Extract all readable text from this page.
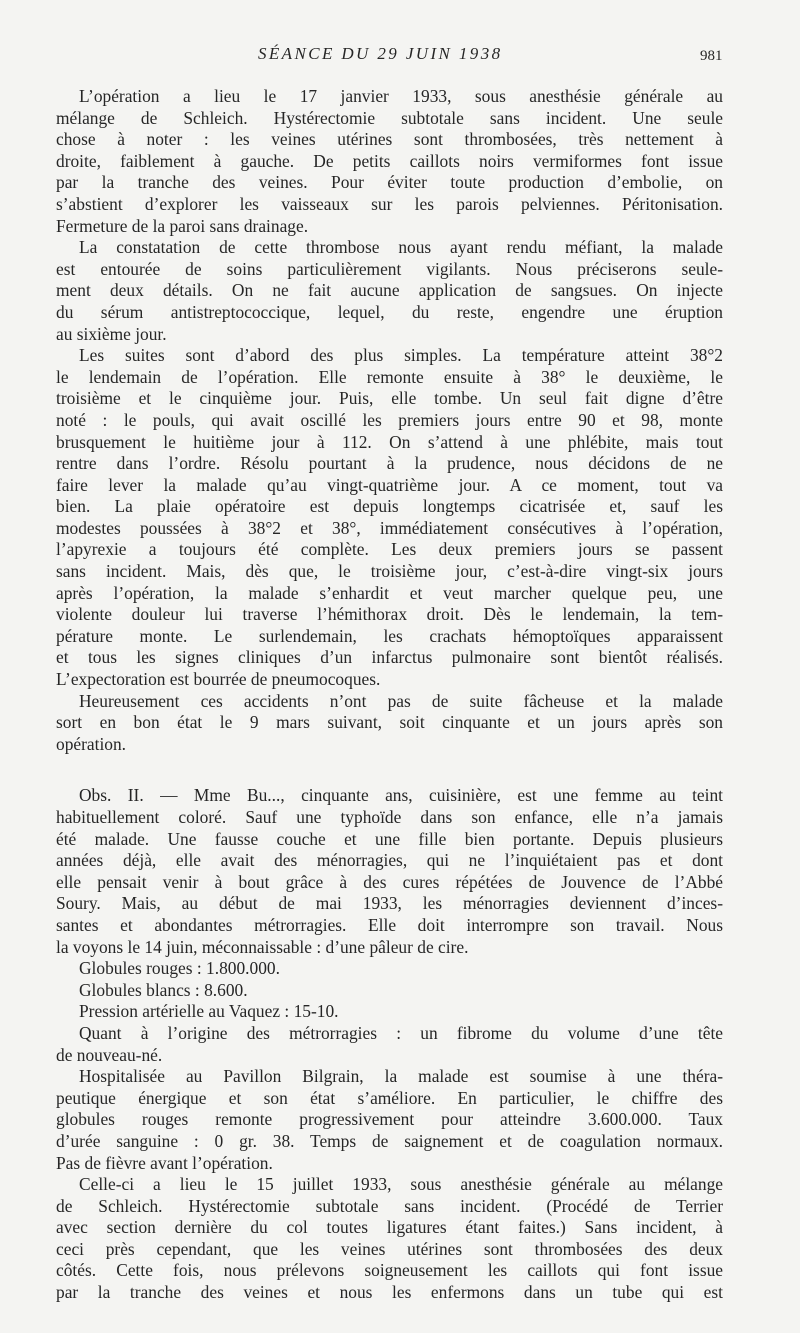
SÉANCE DU 29 JUIN 1938	981
L’opération a lieu le 17 janvier 1933, sous anesthésie générale au
mélange de Schleich. Hystérectomie subtotale sans incident. Une seule
chose à noter : les veines utérines sont thrombosées, très nettement à
droite, faiblement à gauche. De petits caillots noirs vermiformes font issue
par la tranche des veines. Pour éviter toute production d’embolie, on
s’abstient d’explorer les vaisseaux sur les parois pelviennes. Péritonisation.
Fermeture de la paroi sans drainage.
La constatation de cette thrombose nous ayant rendu méfiant, la malade
est entourée de soins particulièrement vigilants. Nous préciserons seule-
ment deux détails. On ne fait aucune application de sangsues. On injecte
du sérum antistreptococcique, lequel, du reste, engendre une éruption
au sixième jour.
Les suites sont d’abord des plus simples. La température atteint 38°2
le lendemain de l’opération. Elle remonte ensuite à 38° le deuxième, le
troisième et le cinquième jour. Puis, elle tombe. Un seul fait digne d’être
noté : le pouls, qui avait oscillé les premiers jours entre 90 et 98, monte
brusquement le huitième jour à 112. On s’attend à une phlébite, mais tout
rentre dans l’ordre. Résolu pourtant à la prudence, nous décidons de ne
faire lever la malade qu’au vingt-quatrième jour. A ce moment, tout va
bien. La plaie opératoire est depuis longtemps cicatrisée et, sauf les
modestes poussées à 38°2 et 38°, immédiatement consécutives à l’opération,
l’apyrexie a toujours été complète. Les deux premiers jours se passent
sans incident. Mais, dès que, le troisième jour, c’est-à-dire vingt-six jours
après l’opération, la malade s’enhardit et veut marcher quelque peu, une
violente douleur lui traverse l’hémithorax droit. Dès le lendemain, la tem-
pérature monte. Le surlendemain, les crachats hémoptoïques apparaissent
et tous les signes cliniques d’un infarctus pulmonaire sont bientôt réalisés.
L’expectoration est bourrée de pneumocoques.
Heureusement ces accidents n’ont pas de suite fâcheuse et la malade
sort en bon état le 9 mars suivant, soit cinquante et un jours après son
opération.
Obs. II. — Mme Bu..., cinquante ans, cuisinière, est une femme au teint
habituellement coloré. Sauf une typhoïde dans son enfance, elle n’a jamais
été malade. Une fausse couche et une fille bien portante. Depuis plusieurs
années déjà, elle avait des ménorragies, qui ne l’inquiétaient pas et dont
elle pensait venir à bout grâce à des cures répétées de Jouvence de l’Abbé
Soury. Mais, au début de mai 1933, les ménorragies deviennent d’inces-
santes et abondantes métrorragies. Elle doit interrompre son travail. Nous
la voyons le 14 juin, méconnaissable : d’une pâleur de cire.
Globules rouges : 1.800.000.
Globules blancs : 8.600.
Pression artérielle au Vaquez : 15-10.
Quant à l’origine des métrorragies : un fibrome du volume d’une tête
de nouveau-né.
Hospitalisée au Pavillon Bilgrain, la malade est soumise à une théra-
peutique énergique et son état s’améliore. En particulier, le chiffre des
globules rouges remonte progressivement pour atteindre 3.600.000. Taux
d’urée sanguine : 0 gr. 38. Temps de saignement et de coagulation normaux.
Pas de fièvre avant l’opération.
Celle-ci a lieu le 15 juillet 1933, sous anesthésie générale au mélange
de Schleich. Hystérectomie subtotale sans incident. (Procédé de Terrier
avec section dernière du col toutes ligatures étant faites.) Sans incident, à
ceci près cependant, que les veines utérines sont thrombosées des deux
côtés. Cette fois, nous prélevons soigneusement les caillots qui font issue
par la tranche des veines et nous les enfermons dans un tube qui est
